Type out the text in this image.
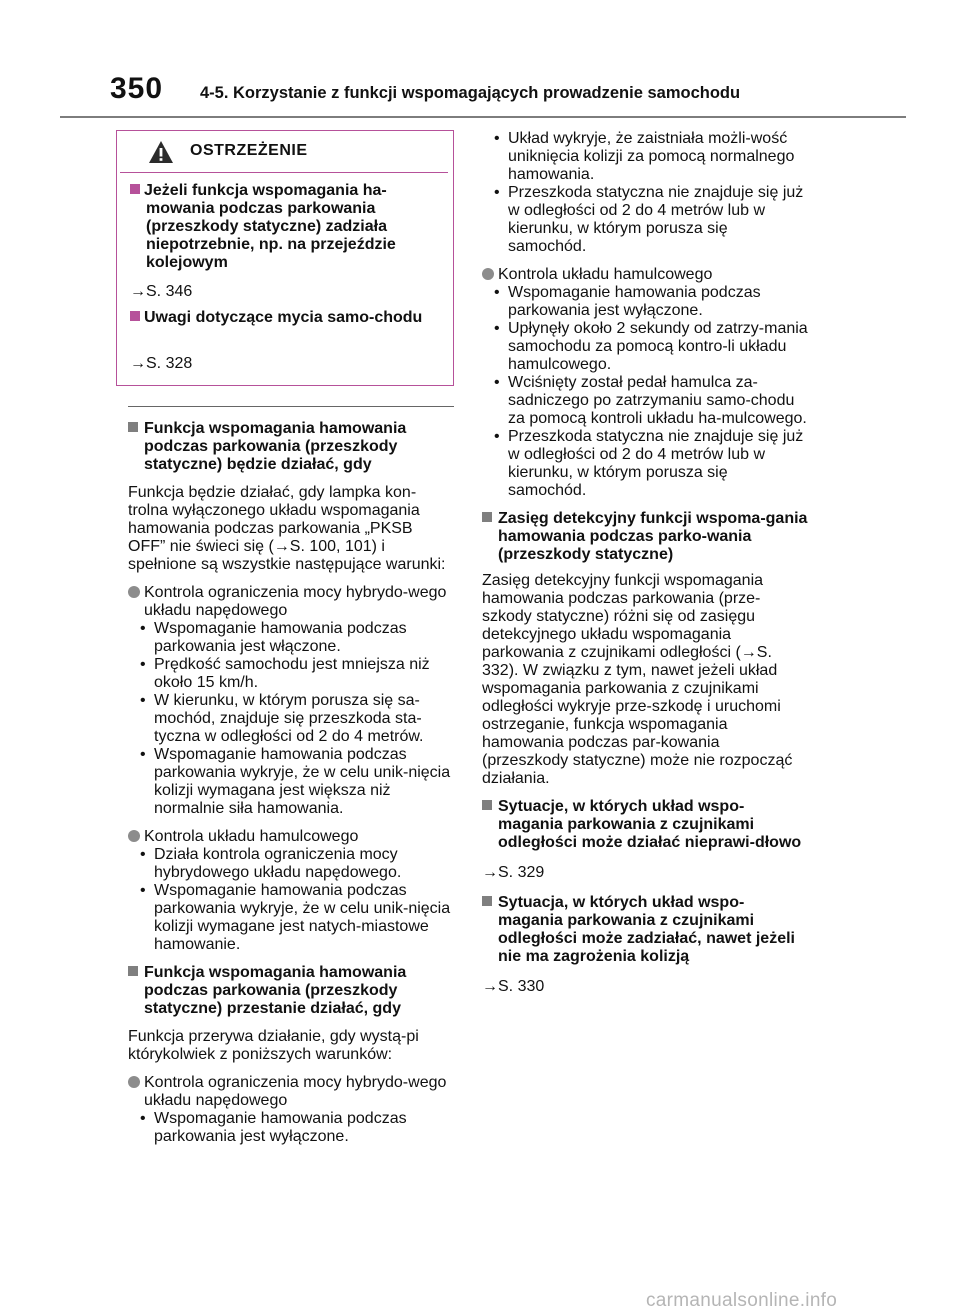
350 4-5. Korzystanie z funkcji wspomagających prowadzenie samochodu
OSTRZEŻENIE
Jeżeli funkcja wspomagania ha-mowania podczas parkowania (przeszkody statyczne) zadziała niepotrzebnie, np. na przejeździe kolejowym
→S. 346
Uwagi dotyczące mycia samo-chodu
→S. 328
Funkcja wspomagania hamowania podczas parkowania (przeszkody statyczne) będzie działać, gdy

Funkcja będzie działać, gdy lampka kon-trolna wyłączonego układu wspomagania hamowania podczas parkowania „PKSB OFF” nie świeci się (→S. 100, 101) i spełnione są wszystkie następujące warunki:

Kontrola ograniczenia mocy hybrydo-wego układu napędowego
• Wspomaganie hamowania podczas parkowania jest włączone.
• Prędkość samochodu jest mniejsza niż około 15 km/h.
• W kierunku, w którym porusza się sa-mochód, znajduje się przeszkoda sta-tyczna w odległości od 2 do 4 metrów.
• Wspomaganie hamowania podczas parkowania wykryje, że w celu unik-nięcia kolizji wymagana jest większa niż normalnie siła hamowania.
Kontrola układu hamulcowego
• Działa kontrola ograniczenia mocy hybrydowego układu napędowego.
• Wspomaganie hamowania podczas parkowania wykryje, że w celu unik-nięcia kolizji wymagane jest natych-miastowe hamowanie.
Funkcja wspomagania hamowania podczas parkowania (przeszkody statyczne) przestanie działać, gdy

Funkcja przerywa działanie, gdy wystą-pi którykolwiek z poniższych warunków:

Kontrola ograniczenia mocy hybrydo-wego układu napędowego
• Wspomaganie hamowania podczas parkowania jest wyłączone.
• Układ wykryje, że zaistniała możli-wość uniknięcia kolizji za pomocą normalnego hamowania.
• Przeszkoda statyczna nie znajduje się już w odległości od 2 do 4 metrów lub w kierunku, w którym porusza się samochód.
Kontrola układu hamulcowego
• Wspomaganie hamowania podczas parkowania jest wyłączone.
• Upłynęły około 2 sekundy od zatrzy-mania samochodu za pomocą kontro-li układu hamulcowego.
• Wciśnięty został pedał hamulca za-sadniczego po zatrzymaniu samo-chodu za pomocą kontroli układu ha-mulcowego.
• Przeszkoda statyczna nie znajduje się już w odległości od 2 do 4 metrów lub w kierunku, w którym porusza się samochód.
Zasięg detekcyjny funkcji wspoma-gania hamowania podczas parko-wania (przeszkody statyczne)

Zasięg detekcyjny funkcji wspomagania hamowania podczas parkowania (prze-szkody statyczne) różni się od zasięgu detekcyjnego układu wspomagania parkowania z czujnikami odległości (→S. 332). W związku z tym, nawet jeżeli układ wspomagania parkowania z czujnikami odległości wykryje prze-szkodę i uruchomi ostrzeganie, funkcja wspomagania hamowania podczas par-kowania (przeszkody statyczne) może nie rozpocząć działania.

Sytuacje, w których układ wspo-magania parkowania z czujnikami odległości może działać nieprawi-dłowo
→S. 329
Sytuacja, w których układ wspo-magania parkowania z czujnikami odległości może zadziałać, nawet jeżeli nie ma zagrożenia kolizją
→S. 330
carmanualsonline.info
